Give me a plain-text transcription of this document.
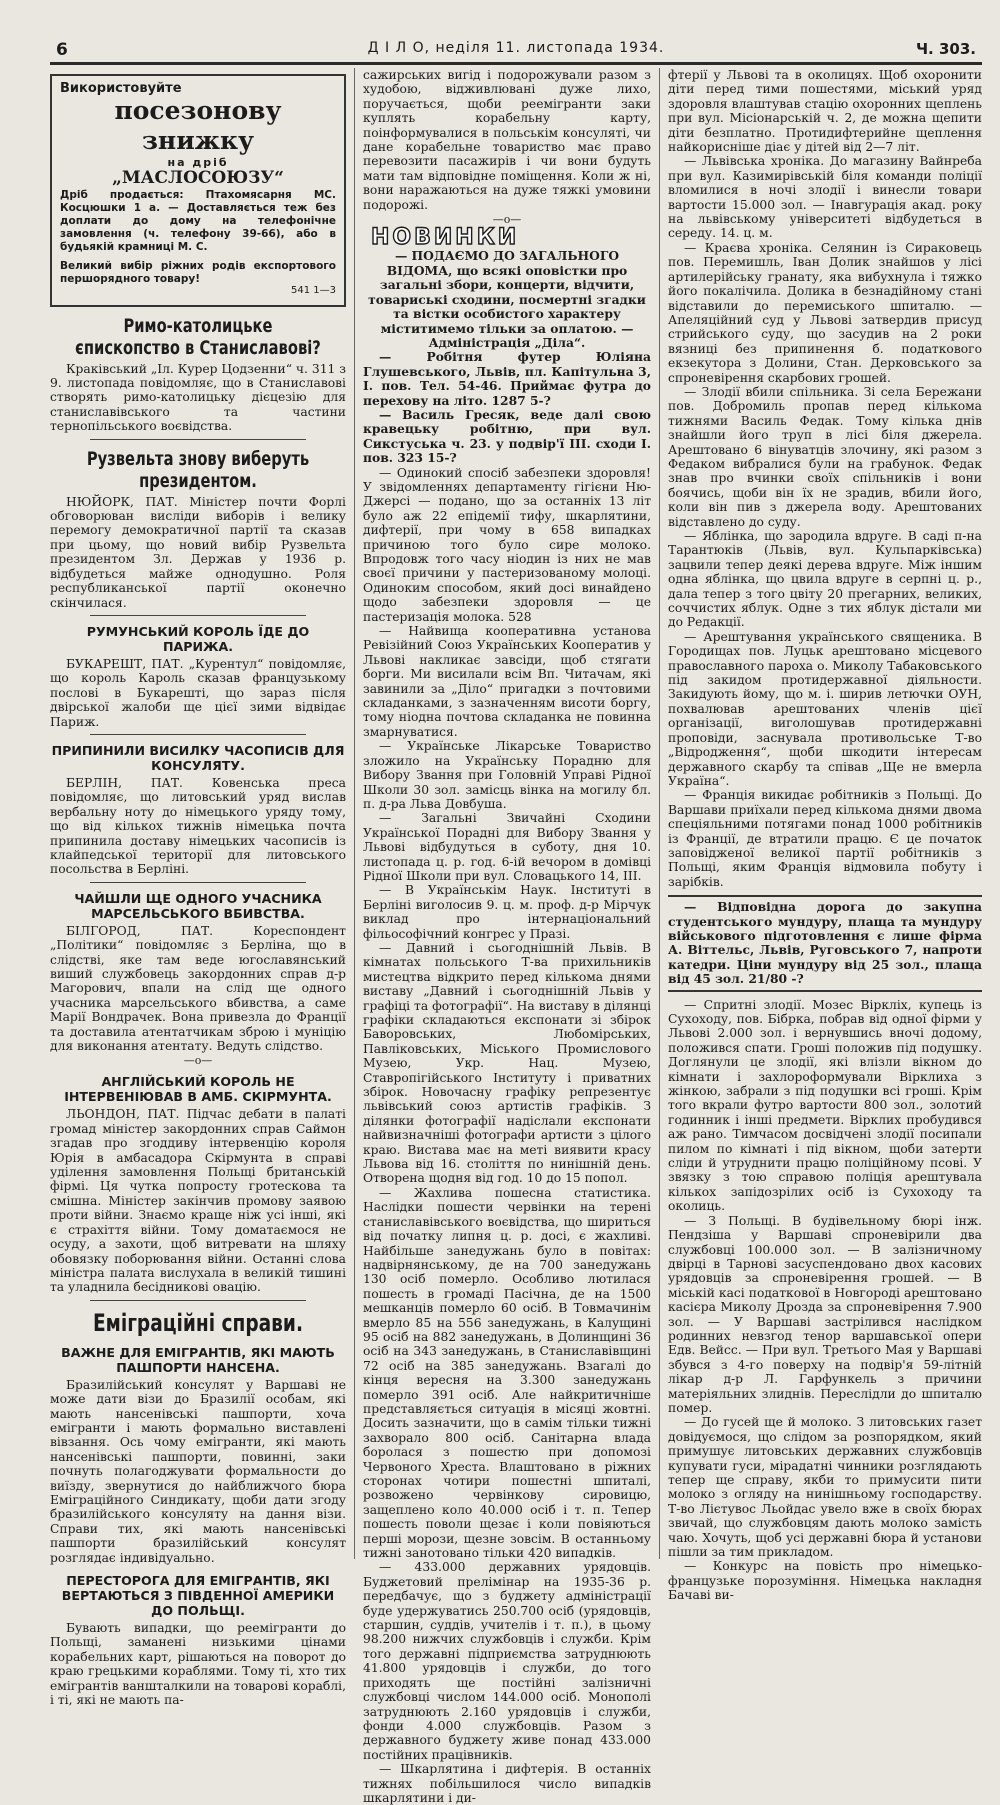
6	Д І Л О, неділя 11. листопада 1934.	Ч. 303.
Використовуйте
посезонову знижку
на дріб
„МАСЛОСОЮЗУ“
Дріб продається: Птахомясарня МС. Косцюшки 1 а. — Доставляється теж без доплати до дому на телефонічне замовлення (ч. телефону 39-66), або в будьякій крамниці М. С.
Великий вибір ріжних родів експортового першорядного товару!
541 1—3
Римо-католицьке єпископство в Станиславові?

Краківський „Іл. Курер Цодзенни“ ч. 311 з 9. листопада повідомляє, що в Станиславові створять римо-католицьку дієцезію для станиславівського та частини тернопільського воєвідства.

Рузвельта знову виберуть президентом.

НЮЙОРК, ПАТ. Міністер почти Форлі обговорюван висліди виборів і велику перемогу демократичної партії та сказав при цьому, що новий вибір Рузвельта президентом Зл. Держав у 1936 р. відбудеться майже однодушно. Роля республиканської партії оконечно скінчилася.

РУМУНСЬКИЙ КОРОЛЬ ЇДЕ ДО ПАРИЖА.

БУКАРЕШТ, ПАТ. „Курентул“ повідомляє, що король Кароль сказав французькому послові в Букарешті, що зараз після двірської жалоби ще цієї зими відвідає Париж.

ПРИПИНИЛИ ВИСИЛКУ ЧАСОПИСІВ ДЛЯ КОНСУЛЯТУ.

БЕРЛІН, ПАТ. Ковенська преса повідомляє, що литовський уряд вислав вербальну ноту до німецького уряду тому, що від кількох тижнів німецька почта припинила доставу німецьких часописів із клайпедської території для литовського посольства в Берліні.

ЧАЙШЛИ ЩЕ ОДНОГО УЧАСНИКА МАРСЕЛЬСЬКОГО ВБИВСТВА.

БІЛГОРОД, ПАТ. Кореспондент „Політики“ повідомляє з Берліна, що в слідстві, яке там веде югославянський виший службовець закордонних справ д-р Магорович, впали на слід ще одного учасника марсельського вбивства, а саме Марії Вондрачек. Вона привезла до Франції та доставила атентатчикам зброю і муніцію для виконання атентату. Ведуть слідство.

—o—
АНГЛІЙСЬКИЙ КОРОЛЬ НЕ ІНТЕРВЕНІЮВАВ В АМБ. СКІРМУНТА.

ЛЬОНДОН, ПАТ. Підчас дебати в палаті громад міністер закордонних справ Саймон згадав про згоддиву інтервенцію короля Юрія в амбасадора Скірмунта в справі уділення замовлення Польщі британській фірмі. Ця чутка попросту гротескова та смішна. Міністер закінчив промову заявою проти війни. Знаємо краще ніж усі інші, які є страхіття війни. Тому доматаємося не осуду, а захоти, щоб витревати на шляху обовязку поборювання війни. Останні слова міністра палата вислухала в великій тишині та уладнила бесідникові овацію.

Еміграційні справи.
ВАЖНЕ ДЛЯ ЕМІГРАНТІВ, ЯКІ МАЮТЬ ПАШПОРТИ НАНСЕНА.

Бразилійський консулят у Варшаві не може дати візи до Бразилії особам, які мають нансенівські пашпорти, хоча емігранти і мають формально виставлені вівзання. Ось чому емігранти, які мають нансенівські пашпорти, повинні, заки почнуть полагоджувати формальности до виїзду, звернутися до найближчого бюра Еміграційного Синдикату, щоби дати згоду бразилійського консуляту на дання візи. Справи тих, які мають нансенівські пашпорти бразилійський консулят розглядає індивідуально.

ПЕРЕСТОРОГА ДЛЯ ЕМІГРАНТІВ, ЯКІ ВЕРТАЮТЬСЯ З ПІВДЕННОЇ АМЕРИКИ ДО ПОЛЬЩІ.

Бувають випадки, що реемігранти до Польщі, заманені низькими цінами корабельних карт, рішаються на поворот до краю грецькими кораблями. Тому ті, хто тих емігрантів ваншталкили на товарові кораблі, і ті, які не мають па-

сажирських вигід і подорожували разом з худобою, відживлювані дуже лихо, поручається, щоби реемігранти заки куплять корабельну карту, поінформувалися в польськім консуляті, чи дане корабельне товариство має право перевозити пасажирів і чи вони будуть мати там відповідне поміщення. Коли ж ні, вони наражаються на дуже тяжкі умовини подорожі.

—o—
НОВИНКИ

— ПОДАЄМО ДО ЗАГАЛЬНОГО ВІДОМА, що всякі оповістки про загальні збори, концерти, відчити, товариські сходини, посмертні згадки та вістки особистого характеру міститимемо тільки за оплатою. — Адміністрація „Діла“.

— Робітня футер Юліяна Глушевського, Львів, пл. Капітульна 3, І. пов. Тел. 54-46. Приймає футра до перехову на літо. 1287 5-?

— Василь Гресяк, веде далі свою кравецьку робітню, при вул. Сикстуська ч. 23. у подвір'ї ІІІ. сходи І. пов. 323 15-?

— Одинокий спосіб забезпеки здоровля! У звідомленнях департаменту гігієни Ню-Джерсі — подано, що за останніх 13 літ було аж 22 епідемії тифу, шкарлятини, дифтерії, при чому в 658 випадках причиною того було сире молоко. Впродовж того часу ніодин із них не мав своєї причини у пастеризованому молоці. Одиноким способом, який досі винайдено щодо забезпеки здоровля — це пастеризація молока. 528

— Найвища кооперативна установа Ревізійний Союз Українських Кооператив у Львові накликає завсіди, щоб стягати борги. Ми висилали всім Вп. Читачам, які завинили за „Діло“ пригадки з почтовими складанками, з зазначенням висоти боргу, тому ніодна почтова складанка не повинна змарнуватися.

— Українське Лікарське Товариство зложило на Українську Порадню для Вибору Звання при Головній Управі Рідної Школи 30 зол. замісць вінка на могилу бл. п. д-ра Льва Довбуша.

— Загальні Звичайні Сходини Української Порадні для Вибору Звання у Львові відбудуться в суботу, дня 10. листопада ц. р. год. 6-ій вечором в домівці Рідної Школи при вул. Словацького 14, ІІІ.

— В Українськім Наук. Інституті в Берліні виголосив 9. ц. м. проф. д-р Мірчук виклад про інтернаціональний фільософічний конгрес у Празі.

— Давний і сьогоднішній Львів. В кімнатах польського Т-ва прихильників мистецтва відкрито перед кількома днями виставу „Давний і сьогоднішній Львів у графіці та фотографії“. На виставу в ділянці графіки складаються експонати зі збірок Баворовських, Любомірських, Павліковських, Міського Промислового Музею, Укр. Нац. Музею, Ставропігійського Інституту і приватних збірок. Новочасну графіку репрезентує львівський союз артистів графіків. З ділянки фотографії надіслали експонати найвизначніші фотографи артисти з цілого краю. Вистава має на меті виявити красу Львова від 16. століття по нинішній день. Отворена щодня від год. 10 до 15 попол.

— Жахлива пошесна статистика. Наслідки пошести червінки на терені станиславівського воєвідства, що шириться від початку липня ц. р. досі, є жахливі. Найбільше занедужань було в повітах: надвірнянському, де на 700 занедужань 130 осіб померло. Особливо лютилася пошесть в громаді Пасічна, де на 1500 мешканців померло 60 осіб. В Товмачинім вмерло 85 на 556 занедужань, в Калущині 95 осіб на 882 занедужань, в Долинщині 36 осіб на 343 занедужань, в Станиславівщині 72 осіб на 385 занедужань. Взагалі до кінця вересня на 3.300 занедужань померло 391 осіб. Але найкритичніше представляється ситуація в місяці жовтні. Досить зазначити, що в самім тільки тижні захворало 800 осіб. Санітарна влада боролася з пошестю при допомозі Червоного Хреста. Влаштовано в ріжних сторонах чотири пошестні шпиталі, розвожено червінкову сировицю, защеплено коло 40.000 осіб і т. п. Тепер пошесть поволи щезає і коли повіяються перші морози, щезне зовсім. В останньому тижні занотовано тільки 420 випадків.

— 433.000 державних урядовців. Буджетовий прелімінар на 1935-36 р. передбачує, що з буджету адміністрації буде удержуватись 250.700 осіб (урядовців, старшин, суддів, учителів і т. п.), в цьому 98.200 нижчих службовців і служби. Крім того державні підприємства затруднюють 41.800 урядовців і служби, до того приходять ще постійні залізничні службовці числом 144.000 осіб. Монополі затруднюють 2.160 урядовців і служби, фонди 4.000 службовців. Разом з державного буджету живе понад 433.000 постійних працівників.

— Шкарлятина і дифтерія. В останніх тижнях побільшилося число випадків шкарлятини і ди-

фтерії у Львові та в околицях. Щоб охоронити діти перед тими пошестями, міський уряд здоровля влаштував стацію охоронних щеплень при вул. Місіонарській ч. 2, де можна щепити діти безплатно. Протидифтерийне щеплення найкорисніше діає у дітей від 2—7 літ.

— Львівська хроніка. До магазину Вайнреба при вул. Казимирівській біля команди поліції вломилися в ночі злодії і винесли товари вартости 15.000 зол. — Інавгурація акад. року на львівському університеті відбудеться в середу. 14. ц. м.

— Краєва хроніка. Селянин із Сираковець пов. Перемишль, Іван Долик знайшов у лісі артилерійську гранату, яка вибухнула і тяжко його покалічила. Долика в безнадійному стані відставили до перемиського шпиталю. — Апеляційний суд у Львові затвердив присуд стрийського суду, що засудив на 2 роки вязниці без припинення б. податкового екзекутора з Долини, Стан. Дерковського за спроневірення скарбових грошей.

— Злодії вбили спільника. Зі села Бережани пов. Добромиль пропав перед кількома тижнями Василь Федак. Тому кілька днів знайшли його труп в лісі біля джерела. Арештовано 6 вінуватців злочину, які разом з Федаком вибралися були на грабунок. Федак знав про вчинки своїх спільників і вони боячись, щоби він їх не зрадив, вбили його, коли він пив з джерела воду. Арештованих відставлено до суду.

— Яблінка, що зародила вдруге. В саді п-на Тарантюків (Львів, вул. Кульпарківська) зацвили тепер деякі дерева вдруге. Між іншим одна яблінка, що цвила вдруге в серпні ц. р., дала тепер з того цвіту 20 прегарних, великих, соччистих яблук. Одне з тих яблук дістали ми до Редакції.

— Арештування українського священика. В Городищах пов. Луцьк арештовано місцевого православного пароха о. Миколу Табаковського під закидом протидержавної діяльности. Закидують йому, що м. і. ширив летючки ОУН, похвалював арештованих членів цієї організації, виголошував протидержавні проповіди, заснувала противольське Т-во „Відродження“, щоби шкодити інтересам державного скарбу та співав „Ще не вмерла Україна“.

— Франція викидає робітників з Польщі. До Варшави приїхали перед кількома днями двома спеціяльними потягами понад 1000 робітників із Франції, де втратили працю. Є це початок заповідженої великої партії робітників з Польщі, яким Франція відмовила побуту і зарібків.

— Відповідна дорога до закупна студентського мундуру, плаща та мундуру військового підготовлення є лише фірма А. Віттельс, Львів, Руговського 7, напроти катедри. Ціни мундуру від 25 зол., плаща від 45 зол. 21/80 -?

— Спритні злодії. Мозес Вірклiх, купець із Сухоходу, пов. Бібрка, побрав від одної фірми у Львові 2.000 зол. і вернувшись вночі додому, положився спати. Гроші положив під подушку. Доглянули це злодії, які влізли вікном до кімнати і захлороформували Вірклиха з жінкою, забрали з під подушки всі гроші. Крім того вкрали футро вартости 800 зол., золотий годинник і інші предмети. Вірклих пробудився аж рано. Тимчасом досвідчені злодії посипали пилом по кімнаті і під вікном, щоби затерти сліди й утруднити працю поліційному псові. У звязку з тою справою поліція арештувала кількох запідозрілих осіб із Сухоходу та околиць.

— З Польщі. В будівельному бюрі інж. Пендзіша у Варшаві спроневірили два службовці 100.000 зол. — В залізничному двірці в Тарнові засуспендовано двох касових урядовців за спроневірення грошей. — В міській касі податкової в Новгороді арештовано касієра Миколу Дрозда за спроневірення 7.900 зол. — У Варшаві застрілився наслідком родинних невзгод тенор варшавської опери Едв. Вейсс. — При вул. Третього Мая у Варшаві збувся з 4-го поверху на подвір'я 59-літній лікар д-р Л. Гарфункель з причини матеріяльних злиднів. Переслідли до шпиталю помер.

— До гусей ще й молоко. З литовських газет довідуємося, що слідом за розпорядком, який примушує литовських державних службовців купувати гуси, мірадатні чинники розглядають тепер ще справу, якби то примусити пити молоко з огляду на нинішньому господарству. Т-во Лієтувос Льойдас увело вже в своїх бюрах звичай, що службовцям дають молоко замість чаю. Хочуть, щоб усі державні бюра й установи пішли за тим прикладом.

— Конкурс на повість про німецько-французьке порозуміння. Німецька накладня Бачаві ви-
